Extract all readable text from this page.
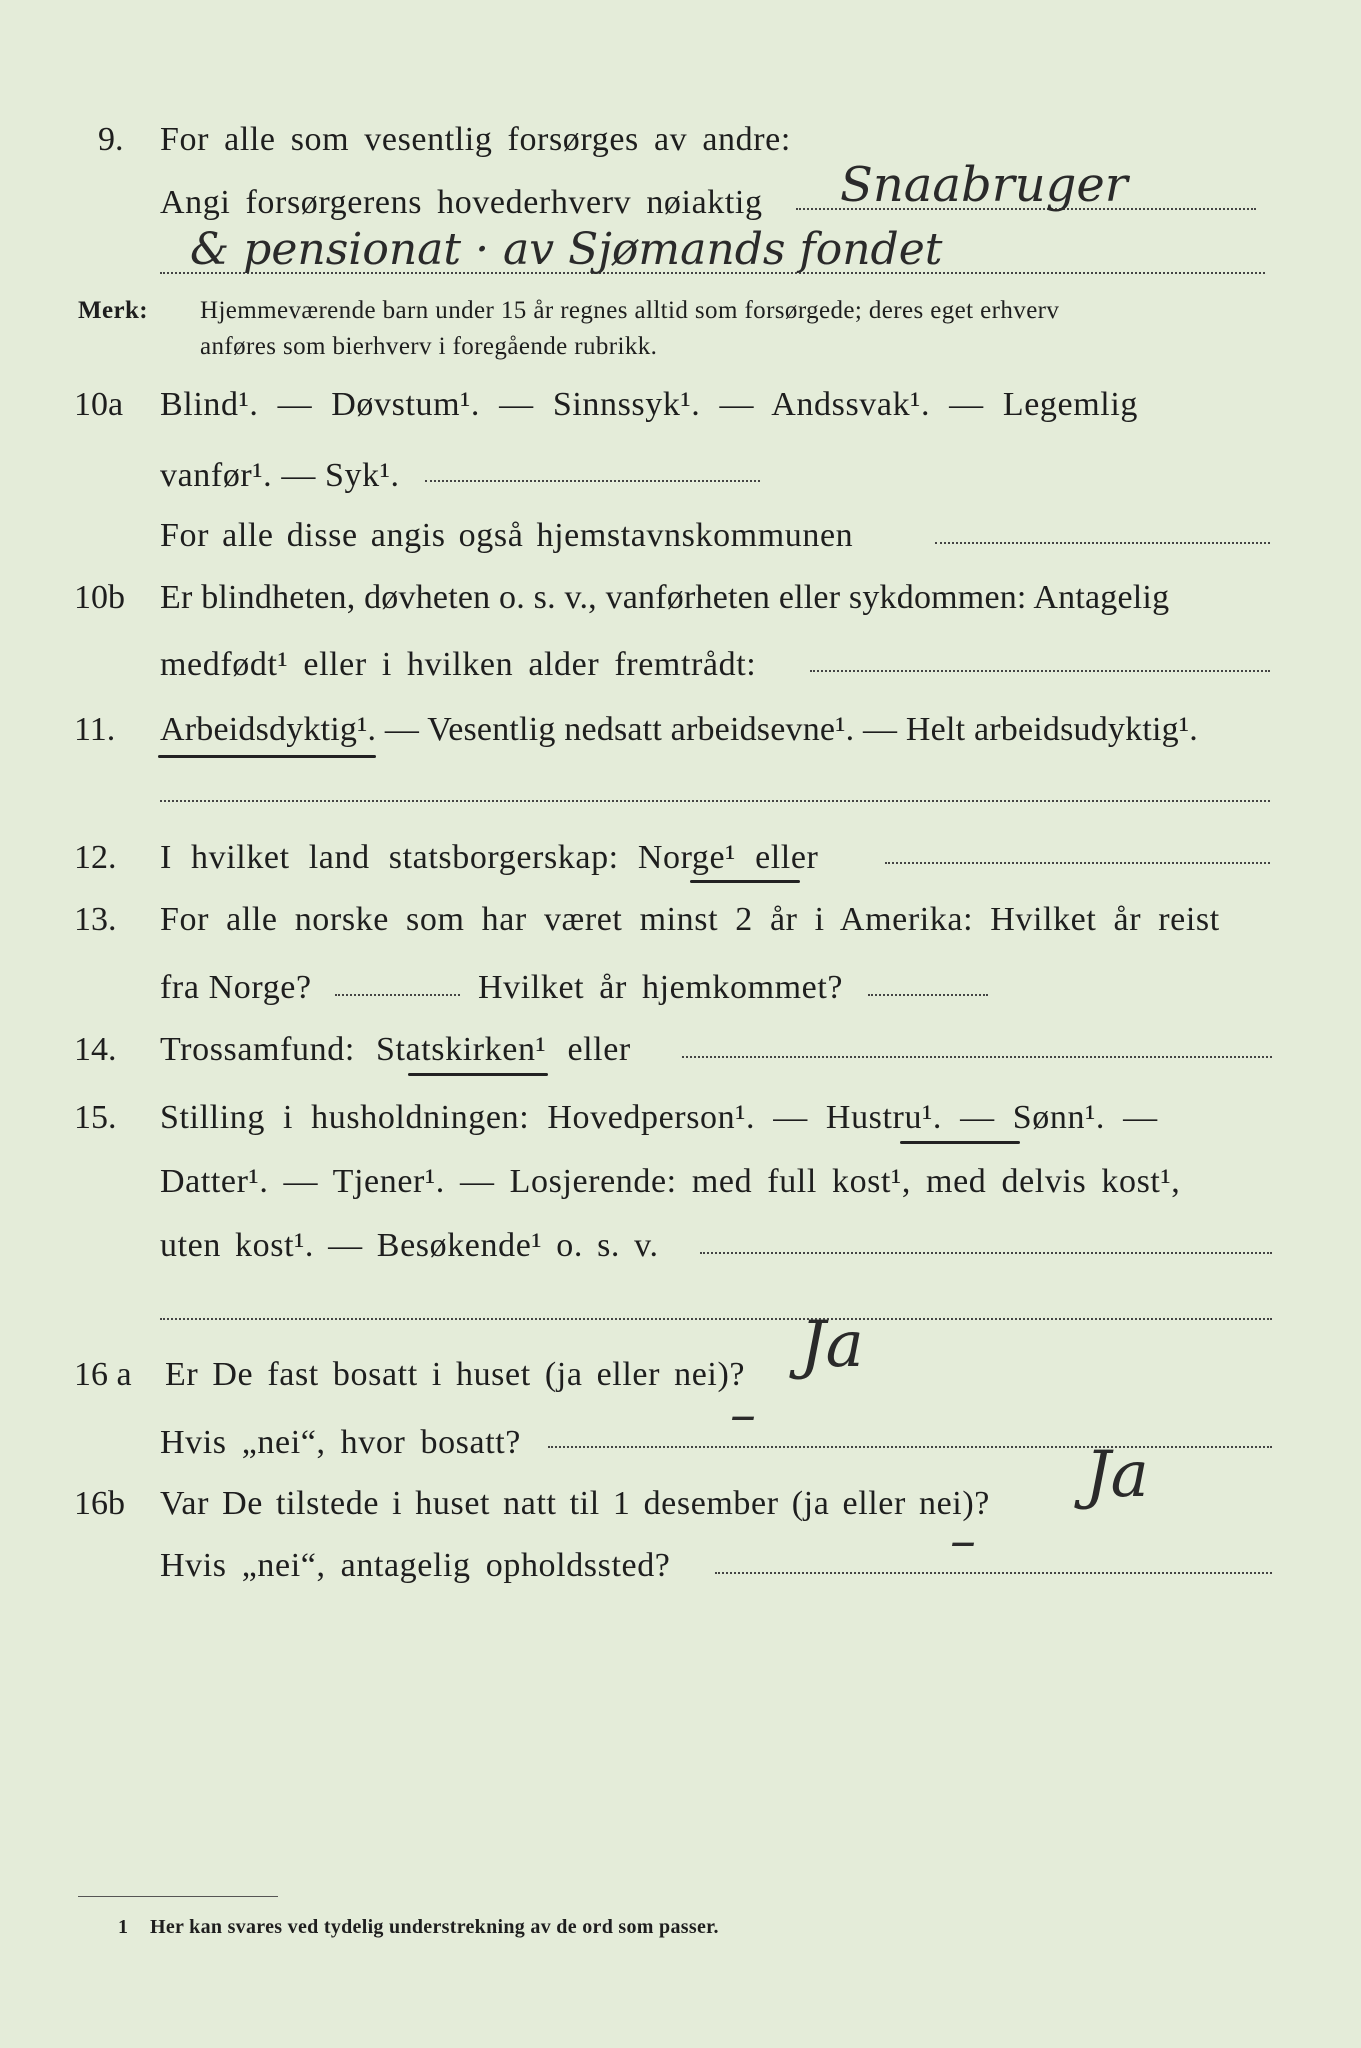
9. For alle som vesentlig forsørges av andre:
Angi forsørgerens hovederhverv nøiaktig Snaabruger
& pensionat · av Sjømands fondet
Merk: Hjemmeværende barn under 15 år regnes alltid som forsørgede; deres eget erhverv
anføres som bierhverv i foregående rubrikk.
10a Blind¹. — Døvstum¹. — Sinnssyk¹. — Andssvak¹. — Legemlig
vanfør¹. — Syk¹.
For alle disse angis også hjemstavnskommunen
10b Er blindheten, døvheten o. s. v., vanførheten eller sykdommen: Antagelig
medfødt¹ eller i hvilken alder fremtrådt:
11. Arbeidsdyktig¹. — Vesentlig nedsatt arbeidsevne¹. — Helt arbeidsudyktig¹.
12. I hvilket land statsborgerskap: Norge¹ eller
13. For alle norske som har været minst 2 år i Amerika: Hvilket år reist
fra Norge?	Hvilket år hjemkommet?
14. Trossamfund: Statskirken¹ eller
15. Stilling i husholdningen: Hovedperson¹. — Hustru¹. — Sønn¹. —
Datter¹. — Tjener¹. — Losjerende: med full kost¹, med delvis kost¹,
uten kost¹. — Besøkende¹ o. s. v.
16 a Er De fast bosatt i huset (ja eller nei)? Ja
Hvis „nei“, hvor bosatt?	–
16b Var De tilstede i huset natt til 1 desember (ja eller nei)? Ja
Hvis „nei“, antagelig opholdssted?	–
1 Her kan svares ved tydelig understrekning av de ord som passer.
